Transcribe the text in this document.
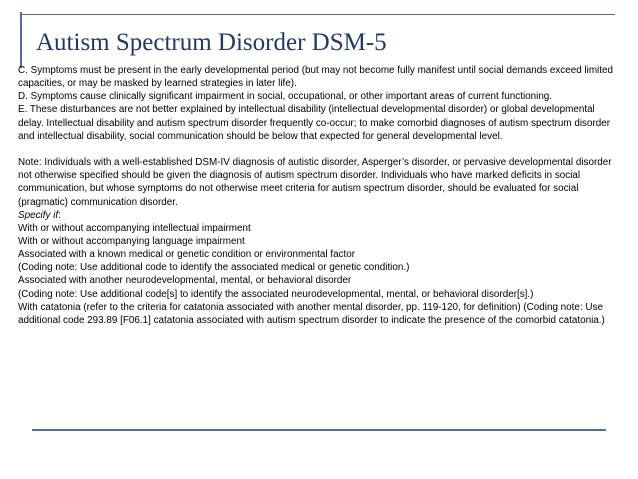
Autism Spectrum Disorder DSM-5

C. Symptoms must be present in the early developmental period (but may not become fully manifest until social demands exceed limited capacities, or may be masked by learned strategies in later life).

D. Symptoms cause clinically significant impairment in social, occupational, or other important areas of current functioning.

E. These disturbances are not better explained by intellectual disability (intellectual developmental disorder) or global developmental delay. Intellectual disability and autism spectrum disorder frequently co-occur; to make comorbid diagnoses of autism spectrum disorder and intellectual disability, social communication should be below that expected for general developmental level.

Note: Individuals with a well-established DSM-IV diagnosis of autistic disorder, Asperger’s disorder, or pervasive developmental disorder not otherwise specified should be given the diagnosis of autism spectrum disorder. Individuals who have marked deficits in social communication, but whose symptoms do not otherwise meet criteria for autism spectrum disorder, should be evaluated for social (pragmatic) communication disorder.

Specify if:

With or without accompanying intellectual impairment

With or without accompanying language impairment

Associated with a known medical or genetic condition or environmental factor

(Coding note: Use additional code to identify the associated medical or genetic condition.)

Associated with another neurodevelopmental, mental, or behavioral disorder

(Coding note: Use additional code[s] to identify the associated neurodevelopmental, mental, or behavioral disorder[s].)

With catatonia (refer to the criteria for catatonia associated with another mental disorder, pp. 119-120, for definition) (Coding note: Use additional code 293.89 [F06.1] catatonia associated with autism spectrum disorder to indicate the presence of the comorbid catatonia.)
